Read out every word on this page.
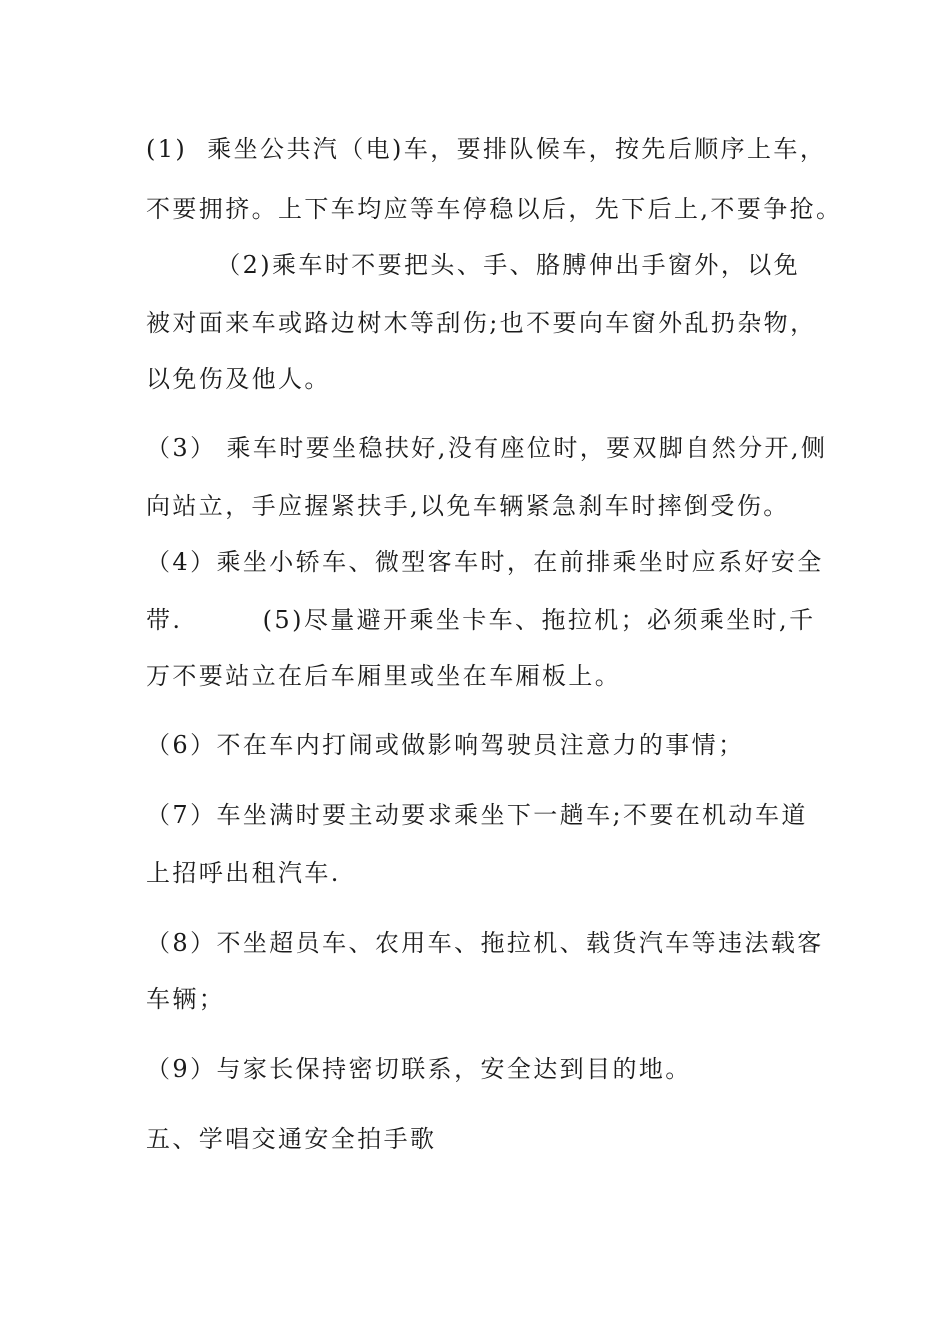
(1)  乘坐公共汽（电)车，要排队候车，按先后顺序上车，

不要拥挤。上下车均应等车停稳以后，先下后上,不要争抢。

（2)乘车时不要把头、手、胳膊伸出手窗外，以免

被对面来车或路边树木等刮伤;也不要向车窗外乱扔杂物，

以免伤及他人。

（3） 乘车时要坐稳扶好,没有座位时，要双脚自然分开,侧

向站立，手应握紧扶手,以免车辆紧急刹车时摔倒受伤。

（4）乘坐小轿车、微型客车时，在前排乘坐时应系好安全

带.        (5)尽量避开乘坐卡车、拖拉机；必须乘坐时,千

万不要站立在后车厢里或坐在车厢板上。

（6）不在车内打闹或做影响驾驶员注意力的事情；

（7）车坐满时要主动要求乘坐下一趟车;不要在机动车道

上招呼出租汽车.

（8）不坐超员车、农用车、拖拉机、载货汽车等违法载客

车辆；

（9）与家长保持密切联系，安全达到目的地。

五、学唱交通安全拍手歌
